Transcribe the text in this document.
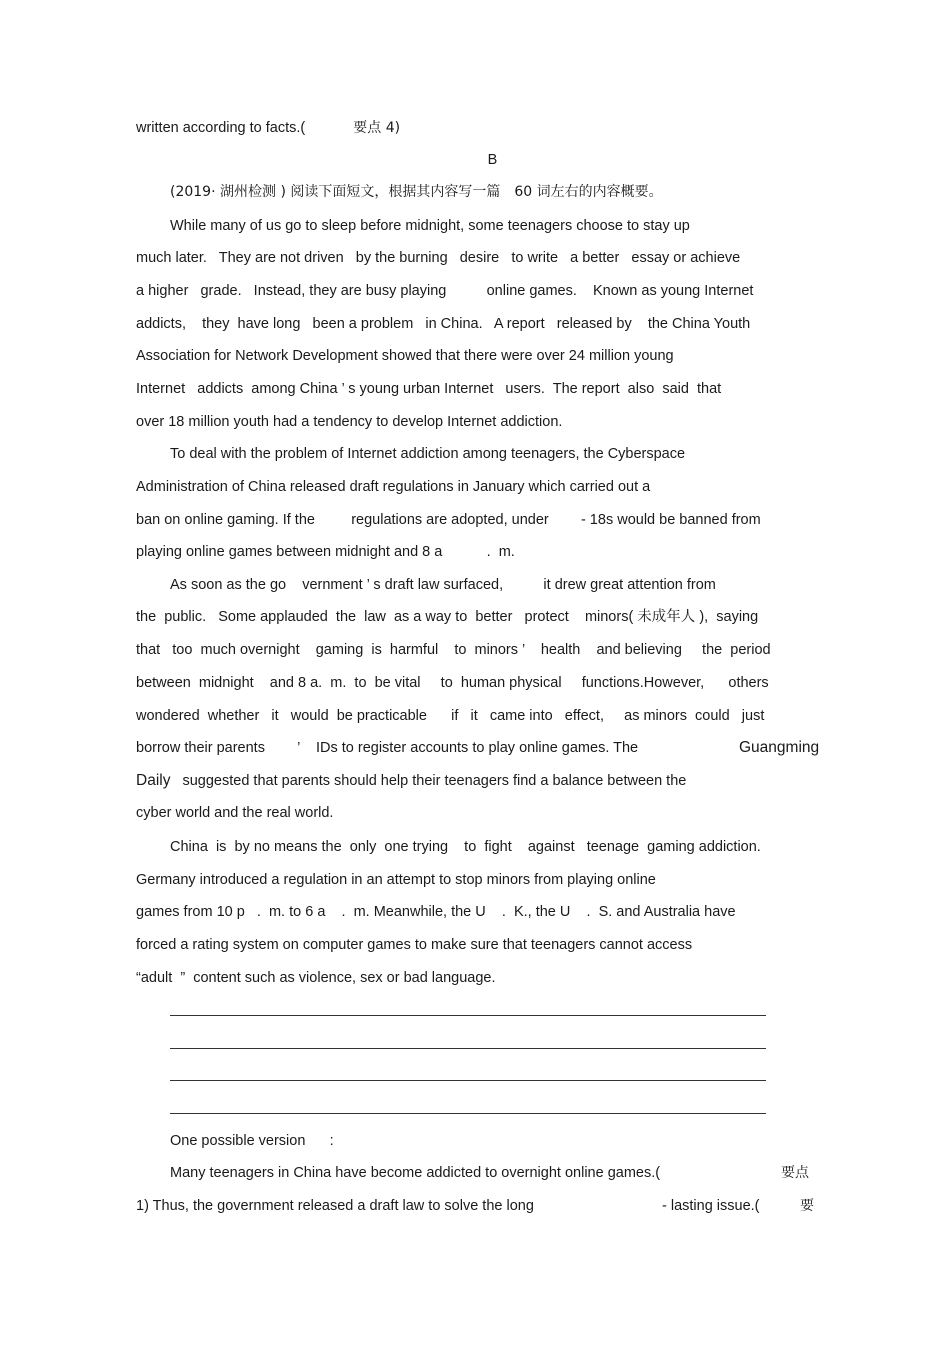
written according to facts.(	要点 4)
B
(2019· 湖州检测 ) 阅读下面短文，根据其内容写一篇　60 词左右的内容概要。
While many of us go to sleep before midnight, some teenagers choose to stay up
much later.   They are not driven   by the burning   desire   to write   a better   essay or achieve
a higher   grade.   Instead, they are busy playing          online games.    Known as young Internet
addicts,    they  have long   been a problem   in China.   A report   released by    the China Youth
Association for Network Development showed that there were over 24 million young
Internet   addicts  among China ’ s young urban Internet   users.  The report  also  said  that
over 18 million youth had a tendency to develop Internet addiction.
To deal with the problem of Internet addiction among teenagers, the Cyberspace
Administration of China released draft regulations in January which carried out a
ban on online gaming. If the         regulations are adopted, under        - 18s would be banned from
playing online games between midnight and 8 a           .  m.
As soon as the go    vernment ’ s draft law surfaced,          it drew great attention from
the  public.   Some applauded  the  law  as a way to  better   protect    minors( 未成年人 ),  saying
that   too  much overnight    gaming  is  harmful    to  minors ’    health    and believing     the  period
between  midnight    and 8 a.  m.  to  be vital     to  human physical     functions.However,      others
wondered  whether   it   would  be practicable      if   it   came into   effect,     as minors  could   just
borrow their parents        ’    IDs to register accounts to play online games. The	Guangming
Daily suggested that parents should help their teenagers find a balance between the
cyber world and the real world.
China  is  by no means the  only  one trying    to  fight    against   teenage  gaming addiction.
Germany introduced a regulation in an attempt to stop minors from playing online
games from 10 p   .  m. to 6 a    .  m. Meanwhile, the U    .  K., the U    .  S. and Australia have
forced a rating system on computer games to make sure that teenagers cannot access
“adult  ”  content such as violence, sex or bad language.
One possible version      :
Many teenagers in China have become addicted to overnight online games.(	要点
1) Thus, the government released a draft law to solve the long	- lasting issue.(	要
